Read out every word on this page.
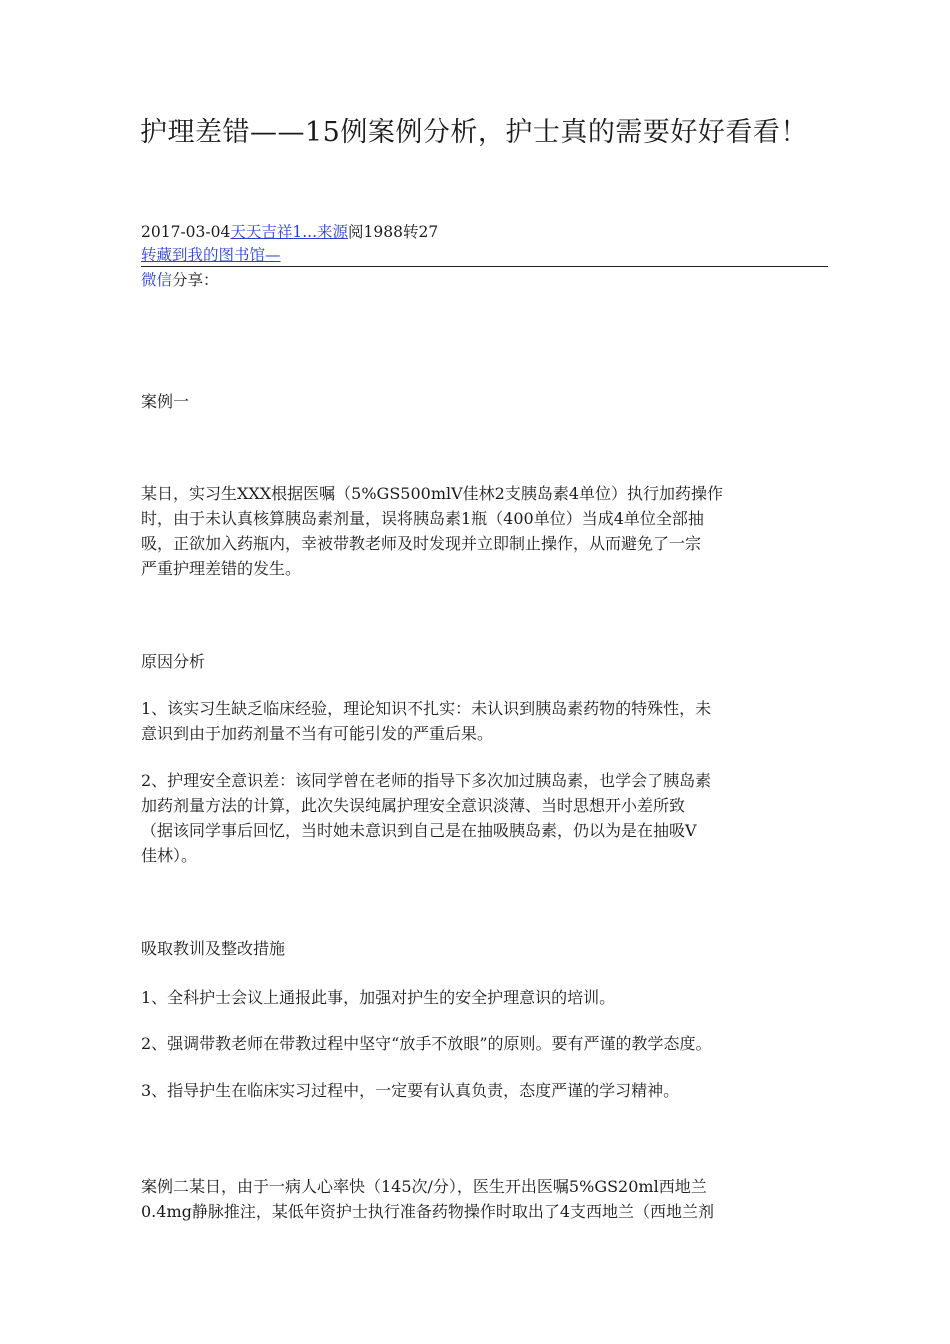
护理差错——15例案例分析，护士真的需要好好看看！
2017-03-04天天吉祥1...来源阅1988转27
转藏到我的图书馆—
微信分享：
案例一
某日，实习生XXX根据医嘱（5%GS500mlV佳林2支胰岛素4单位）执行加药操作
时，由于未认真核算胰岛素剂量，误将胰岛素1瓶（400单位）当成4单位全部抽
吸，正欲加入药瓶内，幸被带教老师及时发现并立即制止操作，从而避免了一宗
严重护理差错的发生。
原因分析
1、该实习生缺乏临床经验，理论知识不扎实：未认识到胰岛素药物的特殊性，未
意识到由于加药剂量不当有可能引发的严重后果。
2、护理安全意识差：该同学曾在老师的指导下多次加过胰岛素，也学会了胰岛素
加药剂量方法的计算，此次失误纯属护理安全意识淡薄、当时思想开小差所致
（据该同学事后回忆，当时她未意识到自己是在抽吸胰岛素，仍以为是在抽吸V
佳林）。
吸取教训及整改措施
1、全科护士会议上通报此事，加强对护生的安全护理意识的培训。
2、强调带教老师在带教过程中坚守“放手不放眼”的原则。要有严谨的教学态度。
3、指导护生在临床实习过程中，一定要有认真负责，态度严谨的学习精神。
案例二某日，由于一病人心率快（145次/分），医生开出医嘱5%GS20ml西地兰
0.4mg静脉推注，某低年资护士执行准备药物操作时取出了4支西地兰（西地兰剂
